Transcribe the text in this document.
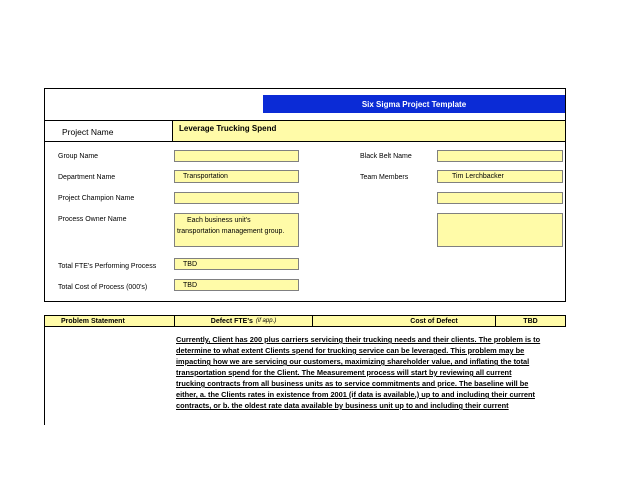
Six Sigma Project Template
Project Name	Leverage Trucking Spend
Group Name	Black Belt Name
Department Name	Transportation	Team Members	Tim Lerchbacker
Project Champion Name
Process Owner Name	Each business unit's
transportation management group.
Total FTE's Performing Process	TBD
Total Cost of Process (000's)	TBD
Problem Statement	Defect FTE's (if app.)	Cost of Defect	TBD
Currently, Client has 200 plus carriers servicing their trucking needs and their clients. The problem is to
determine to what extent Clients spend for trucking service can be leveraged. This problem may be
impacting how we are servicing our customers, maximizing shareholder value, and inflating the total
transportation spend for the Client. The Measurement process will start by reviewing all current
trucking contracts from all business units as to service commitments and price. The baseline will be
either, a. the Clients rates in existence from 2001 (if data is available,) up to and including their current
contracts, or b. the oldest rate data available by business unit up to and including their current
